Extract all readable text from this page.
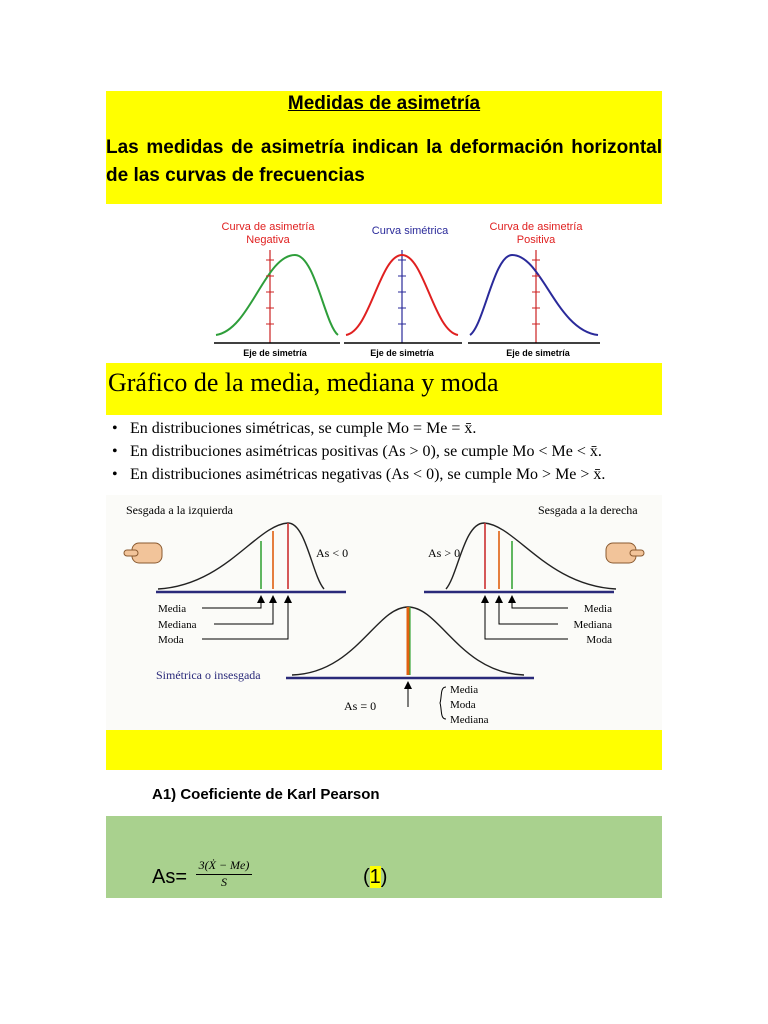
Medidas de asimetría
Las medidas de asimetría indican la deformación horizontal de las curvas de frecuencias
Curva de asimetría
Negativa
Eje de simetría
Curva simétrica
Eje de simetría
Curva de asimetría
Positiva
Eje de simetría
Gráfico de la media, mediana y moda
• En distribuciones simétricas, se cumple Mo = Me = x̄.
• En distribuciones asimétricas positivas (As > 0), se cumple Mo < Me < x̄.
• En distribuciones asimétricas negativas (As < 0), se cumple Mo > Me > x̄.
Sesgada a la izquierda
As < 0
Media
Mediana
Moda
Sesgada a la derecha
As > 0
Media
Mediana
Moda
Simétrica o insesgada
As = 0
Media
Moda
Mediana
A1) Coeficiente de Karl Pearson
$As= \frac{\text{3(Ẋ − Me)}}{S}$	(1)
